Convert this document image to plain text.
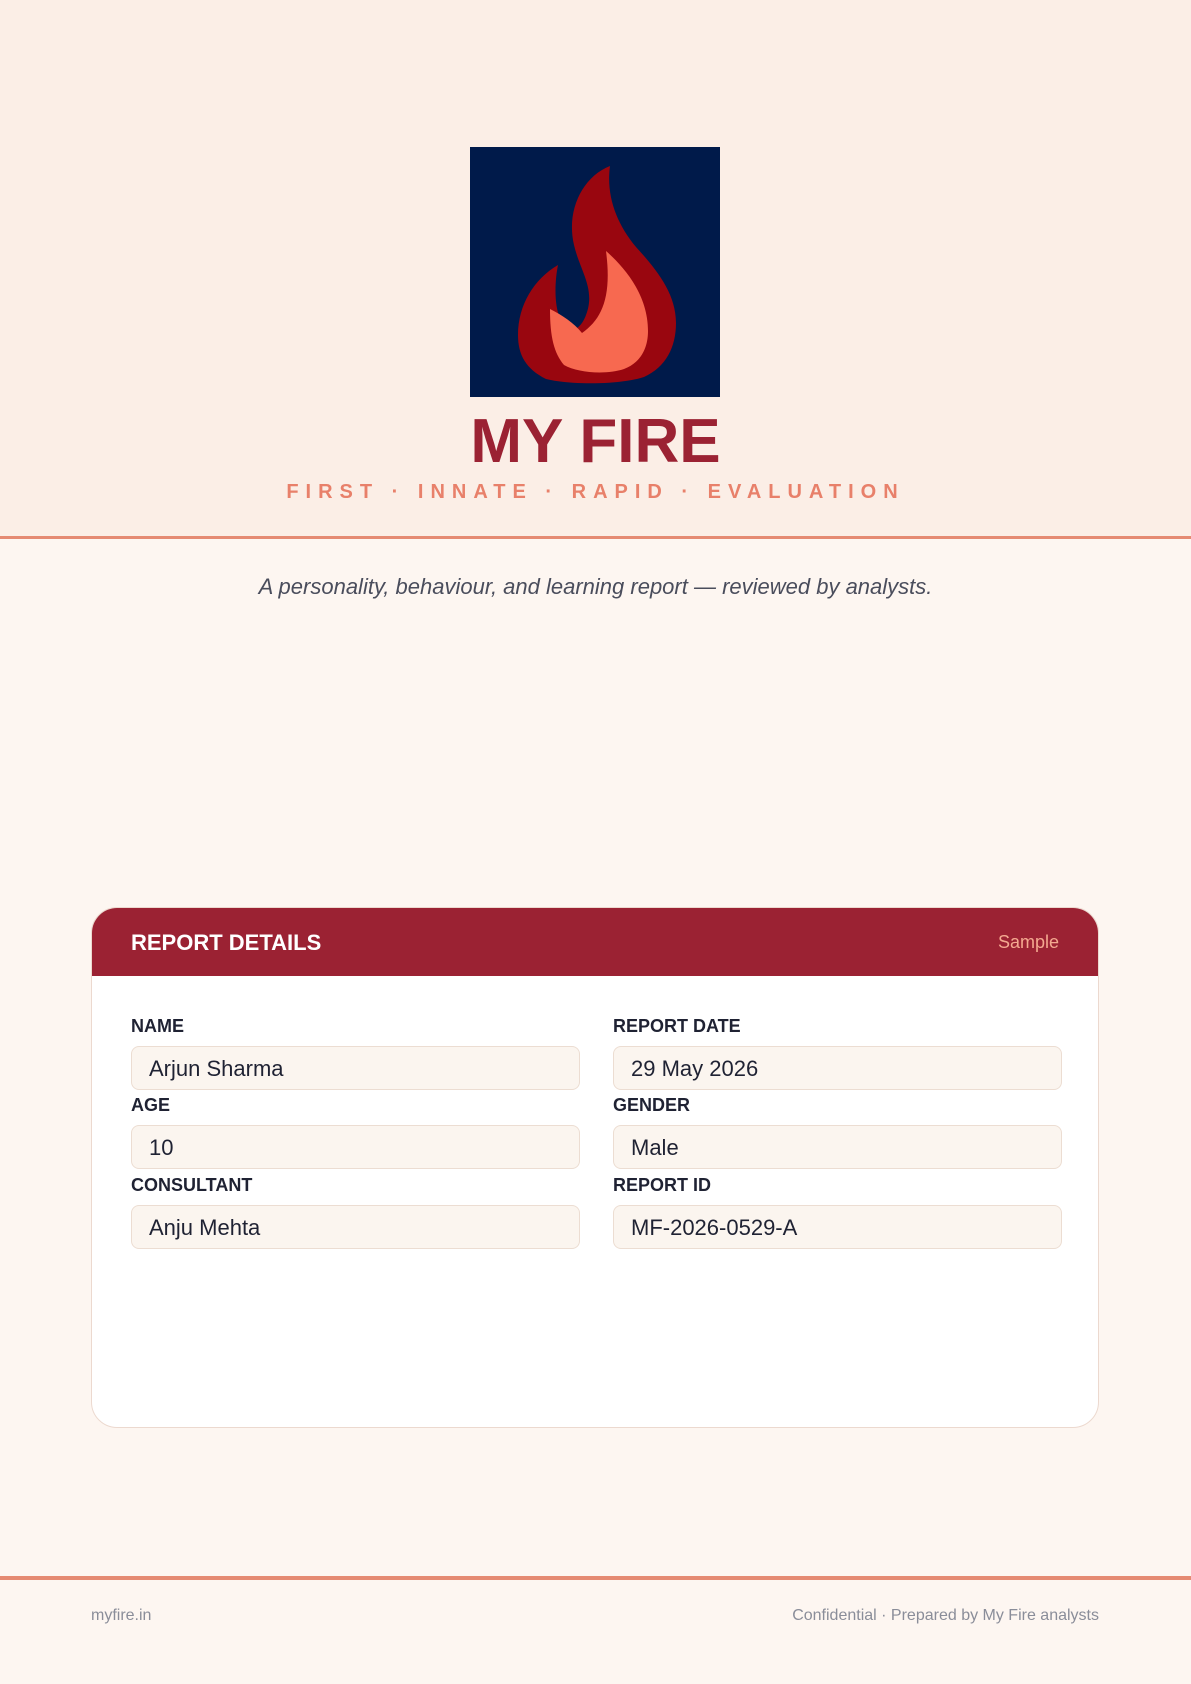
MY FIRE
FIRST · INNATE · RAPID · EVALUATION
A personality, behaviour, and learning report — reviewed by analysts.
REPORT DETAILS	Sample
NAME
Arjun Sharma
REPORT DATE
29 May 2026
AGE
10
GENDER
Male
CONSULTANT
Anju Mehta
REPORT ID
MF-2026-0529-A
myfire.in	Confidential · Prepared by My Fire analysts
